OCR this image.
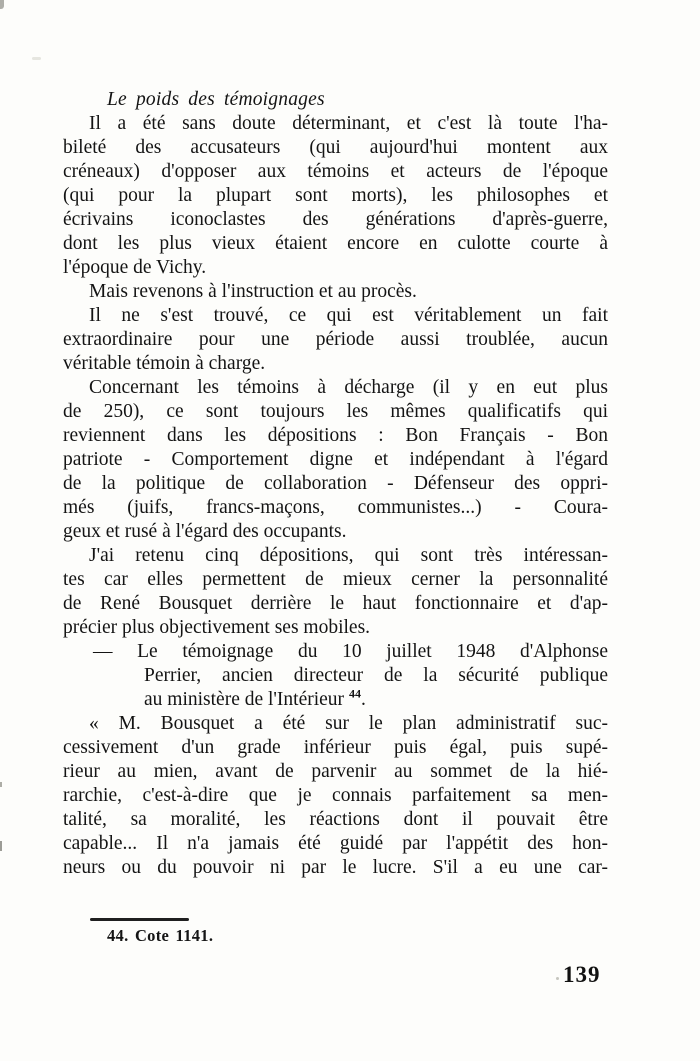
Le poids des témoignages
Il a été sans doute déterminant, et c'est là toute l'ha-
bileté des accusateurs (qui aujourd'hui montent aux
créneaux) d'opposer aux témoins et acteurs de l'époque
(qui pour la plupart sont morts), les philosophes et
écrivains iconoclastes des générations d'après-guerre,
dont les plus vieux étaient encore en culotte courte à
l'époque de Vichy.
Mais revenons à l'instruction et au procès.
Il ne s'est trouvé, ce qui est véritablement un fait
extraordinaire pour une période aussi troublée, aucun
véritable témoin à charge.
Concernant les témoins à décharge (il y en eut plus
de 250), ce sont toujours les mêmes qualificatifs qui
reviennent dans les dépositions : Bon Français - Bon
patriote - Comportement digne et indépendant à l'égard
de la politique de collaboration - Défenseur des oppri-
més (juifs, francs-maçons, communistes...) - Coura-
geux et rusé à l'égard des occupants.
J'ai retenu cinq dépositions, qui sont très intéressan-
tes car elles permettent de mieux cerner la personnalité
de René Bousquet derrière le haut fonctionnaire et d'ap-
précier plus objectivement ses mobiles.
— Le témoignage du 10 juillet 1948 d'Alphonse
Perrier, ancien directeur de la sécurité publique
au ministère de l'Intérieur $^{44}$.
« M. Bousquet a été sur le plan administratif suc-
cessivement d'un grade inférieur puis égal, puis supé-
rieur au mien, avant de parvenir au sommet de la hié-
rarchie, c'est-à-dire que je connais parfaitement sa men-
talité, sa moralité, les réactions dont il pouvait être
capable... Il n'a jamais été guidé par l'appétit des hon-
neurs ou du pouvoir ni par le lucre. S'il a eu une car-
44. Cote 1141.
139
